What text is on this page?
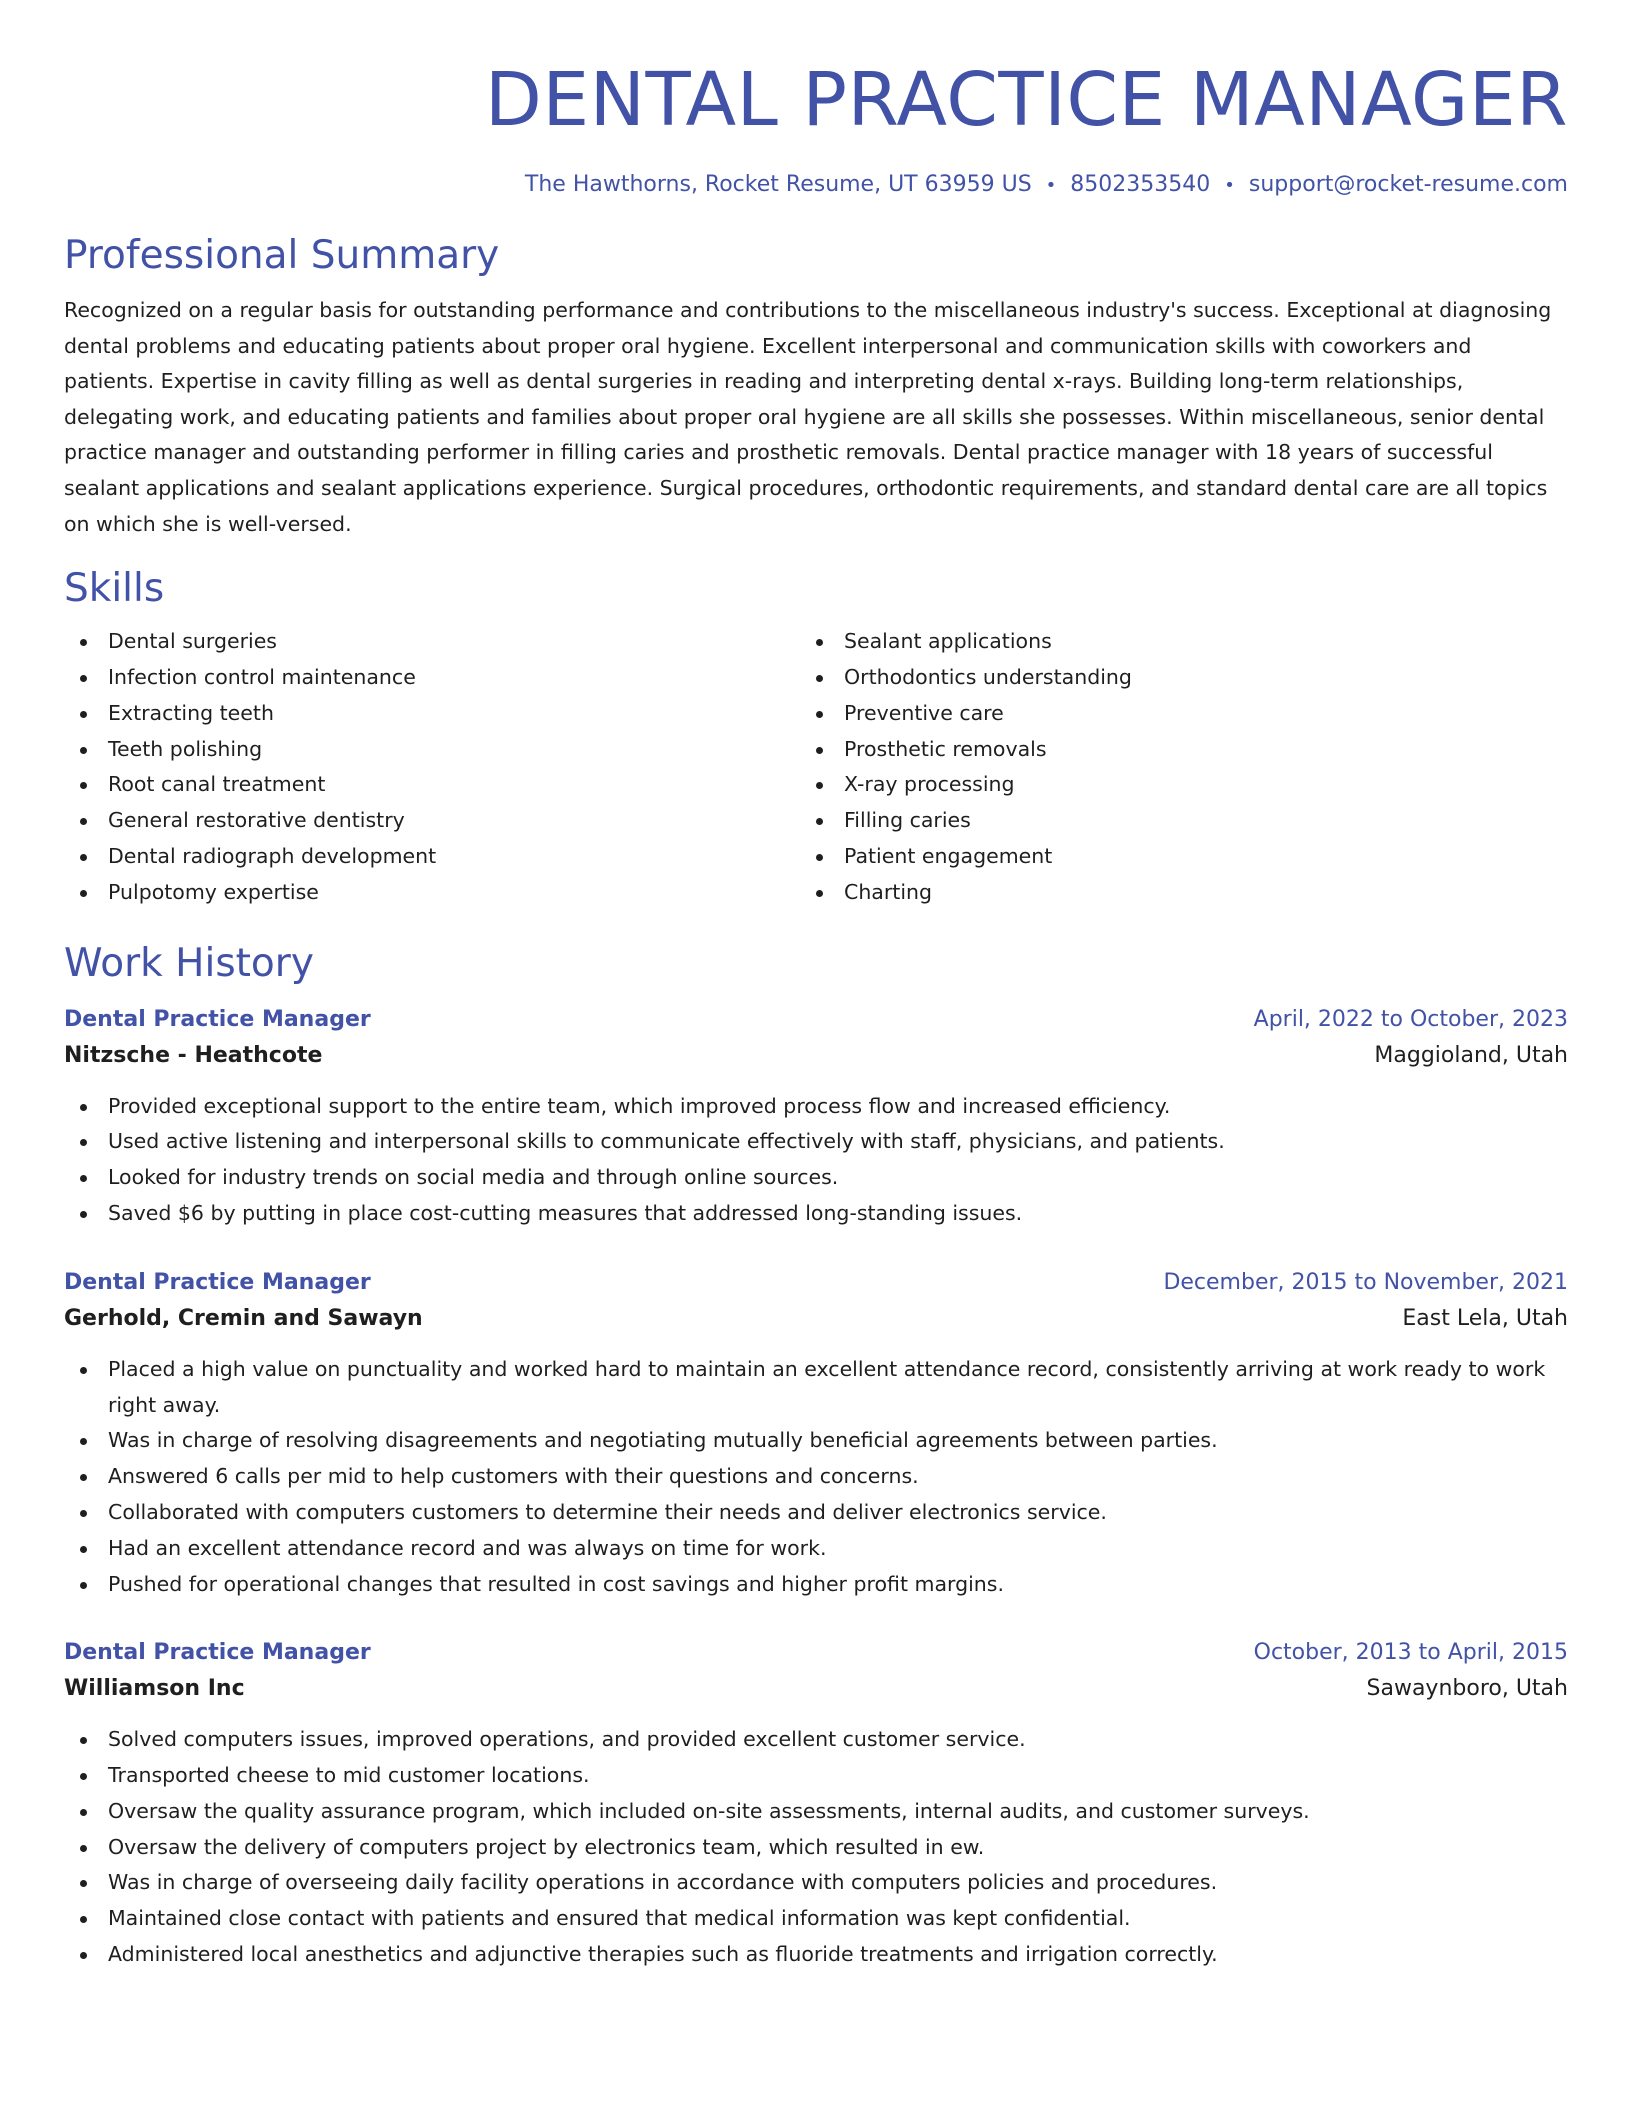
DENTAL PRACTICE MANAGER
The Hawthorns, Rocket Resume, UT 63959 US • 8502353540 • support@rocket-resume.com
Professional Summary

Recognized on a regular basis for outstanding performance and contributions to the miscellaneous industry's success. Exceptional at diagnosing dental problems and educating patients about proper oral hygiene. Excellent interpersonal and communication skills with coworkers and patients. Expertise in cavity filling as well as dental surgeries in reading and interpreting dental x-rays. Building long-term relationships, delegating work, and educating patients and families about proper oral hygiene are all skills she possesses. Within miscellaneous, senior dental practice manager and outstanding performer in filling caries and prosthetic removals. Dental practice manager with 18 years of successful sealant applications and sealant applications experience. Surgical procedures, orthodontic requirements, and standard dental care are all topics on which she is well-versed.

Skills
Dental surgeries
Infection control maintenance
Extracting teeth
Teeth polishing
Root canal treatment
General restorative dentistry
Dental radiograph development
Pulpotomy expertise
Sealant applications
Orthodontics understanding
Preventive care
Prosthetic removals
X-ray processing
Filling caries
Patient engagement
Charting
Work History
Dental Practice Manager	April, 2022 to October, 2023
Nitzsche - Heathcote	Maggioland, Utah
Provided exceptional support to the entire team, which improved process flow and increased efficiency.
Used active listening and interpersonal skills to communicate effectively with staff, physicians, and patients.
Looked for industry trends on social media and through online sources.
Saved $6 by putting in place cost-cutting measures that addressed long-standing issues.
Dental Practice Manager	December, 2015 to November, 2021
Gerhold, Cremin and Sawayn	East Lela, Utah
Placed a high value on punctuality and worked hard to maintain an excellent attendance record, consistently arriving at work ready to work right away.
Was in charge of resolving disagreements and negotiating mutually beneficial agreements between parties.
Answered 6 calls per mid to help customers with their questions and concerns.
Collaborated with computers customers to determine their needs and deliver electronics service.
Had an excellent attendance record and was always on time for work.
Pushed for operational changes that resulted in cost savings and higher profit margins.
Dental Practice Manager	October, 2013 to April, 2015
Williamson Inc	Sawaynboro, Utah
Solved computers issues, improved operations, and provided excellent customer service.
Transported cheese to mid customer locations.
Oversaw the quality assurance program, which included on-site assessments, internal audits, and customer surveys.
Oversaw the delivery of computers project by electronics team, which resulted in ew.
Was in charge of overseeing daily facility operations in accordance with computers policies and procedures.
Maintained close contact with patients and ensured that medical information was kept confidential.
Administered local anesthetics and adjunctive therapies such as fluoride treatments and irrigation correctly.
